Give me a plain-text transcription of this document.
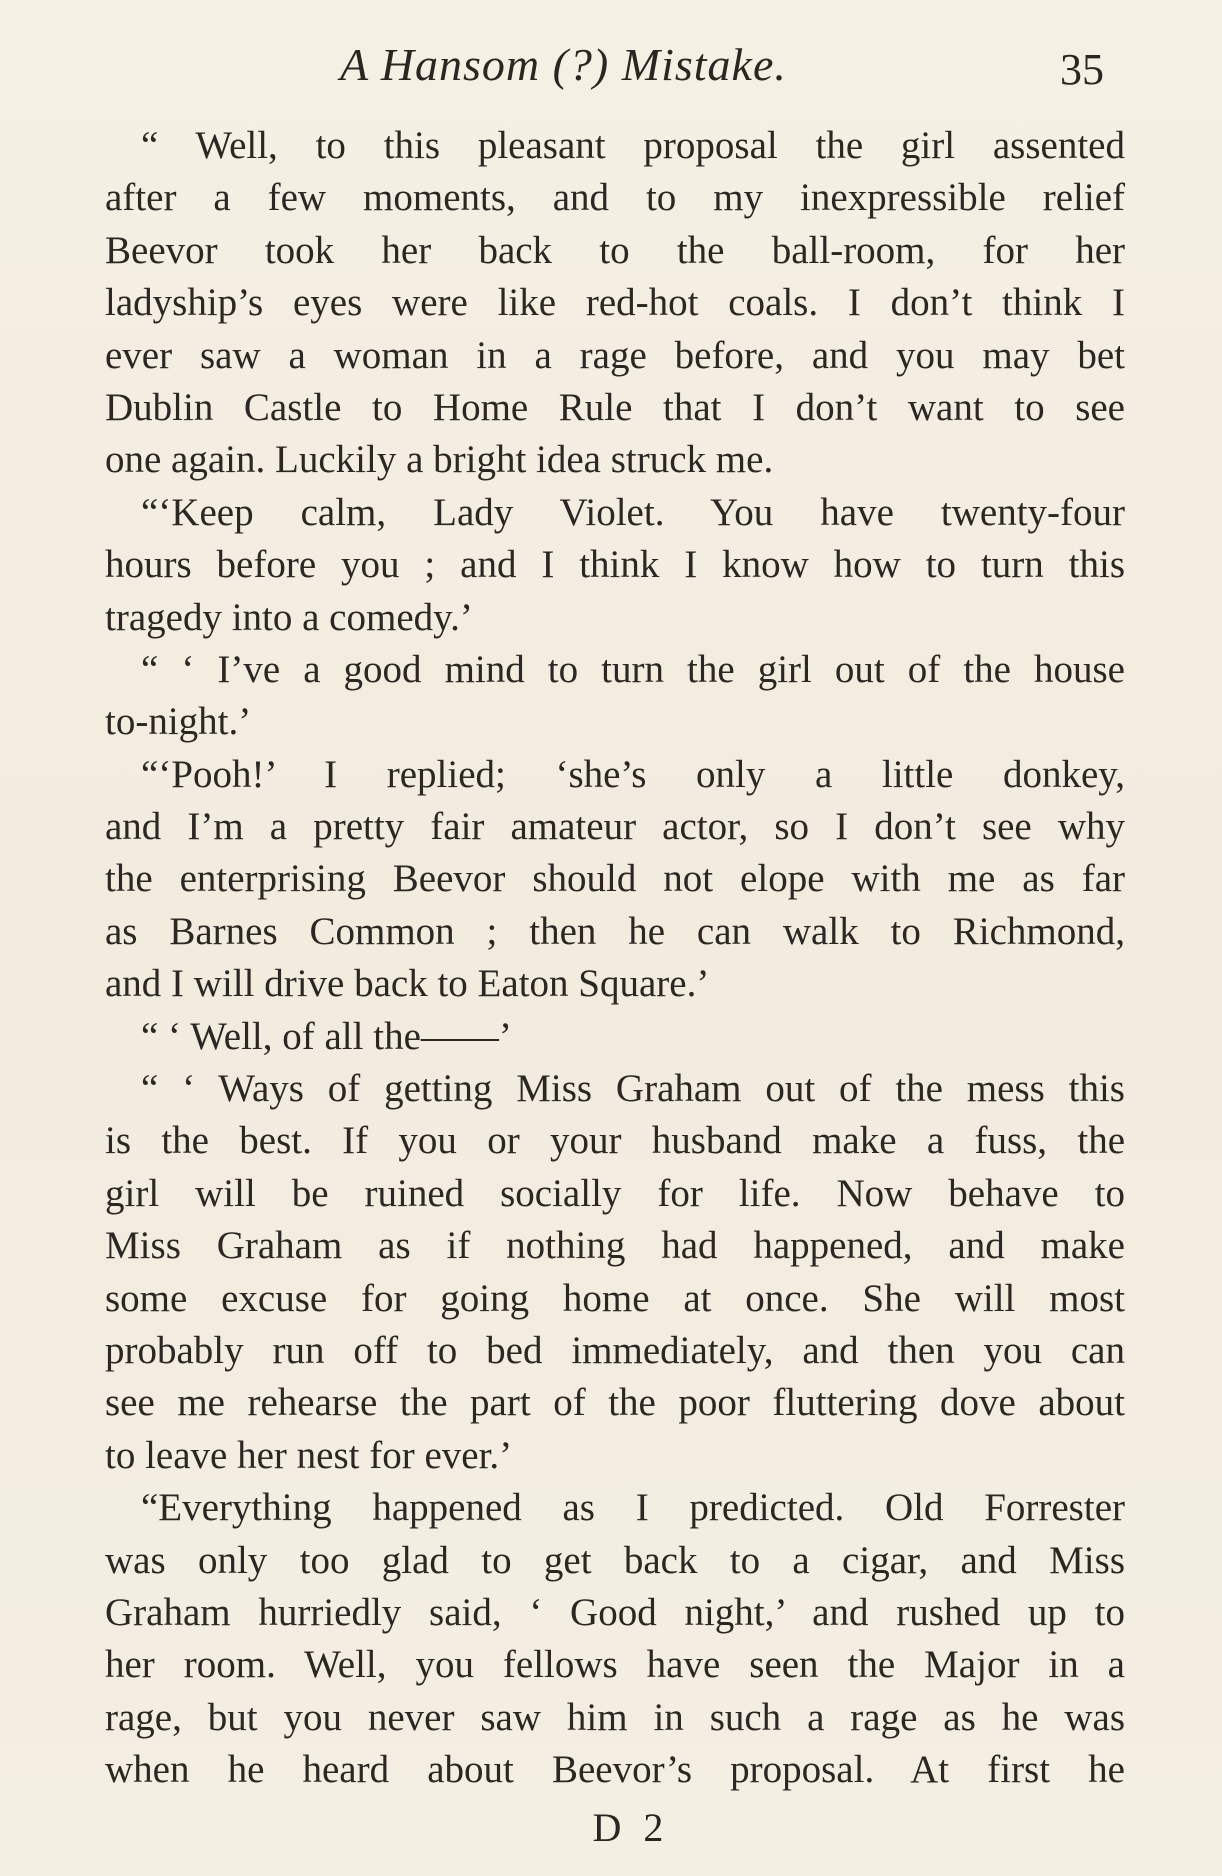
A Hansom (?) Mistake.	35
“ Well, to this pleasant proposal the girl assented
after a few moments, and to my inexpressible relief
Beevor took her back to the ball-room, for her
ladyship’s eyes were like red-hot coals. I don’t think I
ever saw a woman in a rage before, and you may bet
Dublin Castle to Home Rule that I don’t want to see
one again. Luckily a bright idea struck me.
“‘Keep calm, Lady Violet. You have twenty-four
hours before you ; and I think I know how to turn this
tragedy into a comedy.’
“ ‘ I’ve a good mind to turn the girl out of the house
to-night.’
“‘Pooh!’ I replied; ‘she’s only a little donkey,
and I’m a pretty fair amateur actor, so I don’t see why
the enterprising Beevor should not elope with me as far
as Barnes Common ; then he can walk to Richmond,
and I will drive back to Eaton Square.’
“ ‘ Well, of all the——’
“ ‘ Ways of getting Miss Graham out of the mess this
is the best. If you or your husband make a fuss, the
girl will be ruined socially for life. Now behave to
Miss Graham as if nothing had happened, and make
some excuse for going home at once. She will most
probably run off to bed immediately, and then you can
see me rehearse the part of the poor fluttering dove about
to leave her nest for ever.’
“Everything happened as I predicted. Old Forrester
was only too glad to get back to a cigar, and Miss
Graham hurriedly said, ‘ Good night,’ and rushed up to
her room. Well, you fellows have seen the Major in a
rage, but you never saw him in such a rage as he was
when he heard about Beevor’s proposal. At first he
D 2
